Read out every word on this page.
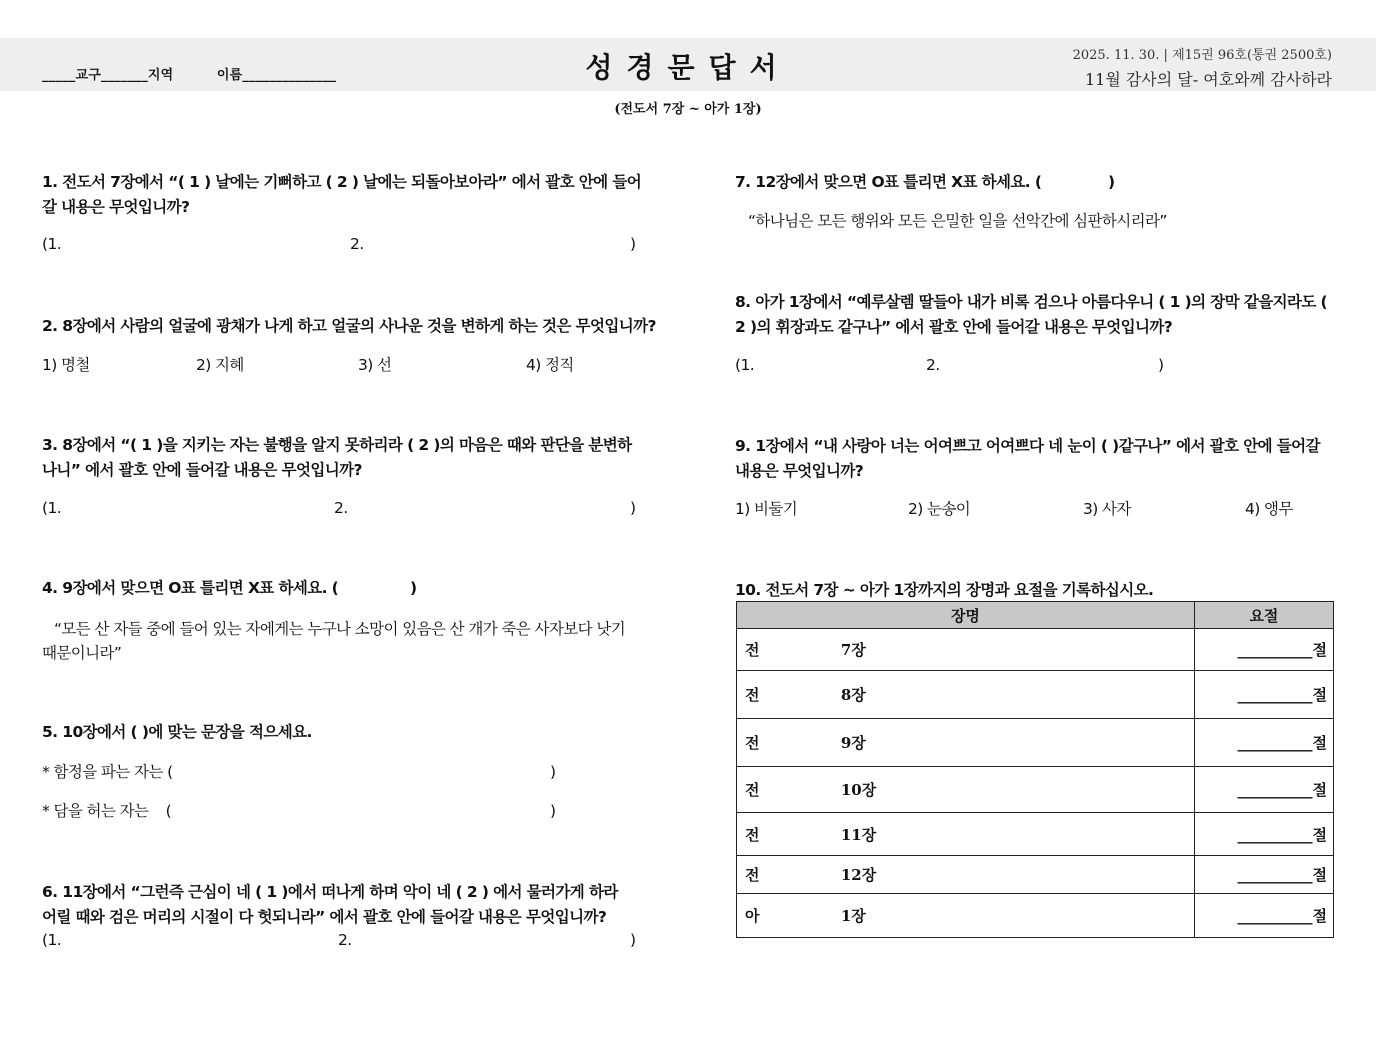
_____교구_______지역	이름______________	성경문답서
(전도서 7장 ~ 아가 1장)
2025. 11. 30. | 제15권 96호(통권 2500호)
11월 감사의 달- 여호와께 감사하라
1. 전도서 7장에서 “( 1 ) 날에는 기뻐하고 ( 2 ) 날에는 되돌아보아라” 에서 괄호 안에 들어갈 내용은 무엇입니까?
(1.	2.	)
2. 8장에서 사람의 얼굴에 광채가 나게 하고 얼굴의 사나운 것을 변하게 하는 것은 무엇입니까?
1) 명철	2) 지혜	3) 선	4) 정직
3. 8장에서 “( 1 )을 지키는 자는 불행을 알지 못하리라 ( 2 )의 마음은 때와 판단을 분변하나니” 에서 괄호 안에 들어갈 내용은 무엇입니까?
(1.	2.	)
4. 9장에서 맞으면 O표 틀리면 X표 하세요. (	)
“모든 산 자들 중에 들어 있는 자에게는 누구나 소망이 있음은 산 개가 죽은 사자보다 낫기 때문이니라”
5. 10장에서 ( )에 맞는 문장을 적으세요.
* 함정을 파는 자는 (	)
* 담을 허는 자는    (	)
6. 11장에서 “그런즉 근심이 네 ( 1 )에서 떠나게 하며 악이 네 ( 2 ) 에서 물러가게 하라 어릴 때와 검은 머리의 시절이 다 헛되니라” 에서 괄호 안에 들어갈 내용은 무엇입니까?
(1.	2.	)
7. 12장에서 맞으면 O표 틀리면 X표 하세요. (	)
“하나님은 모든 행위와 모든 은밀한 일을 선악간에 심판하시리라”
8. 아가 1장에서 “예루살렘 딸들아 내가 비록 검으나 아름다우니 ( 1 )의 장막 같을지라도 ( 2 )의 휘장과도 같구나” 에서 괄호 안에 들어갈 내용은 무엇입니까?
(1.	2.	)
9. 1장에서 “내 사랑아 너는 어여쁘고 어여쁘다 네 눈이 ( )같구나” 에서 괄호 안에 들어갈 내용은 무엇입니까?
1) 비둘기	2) 눈송이	3) 사자	4) 앵무
10. 전도서 7장 ~ 아가 1장까지의 장명과 요절을 기록하십시오.
장명		요절
전	7장	__________절
전	8장	__________절
전	9장	__________절
전	10장	__________절
전	11장	__________절
전	12장	__________절
아	1장	__________절
